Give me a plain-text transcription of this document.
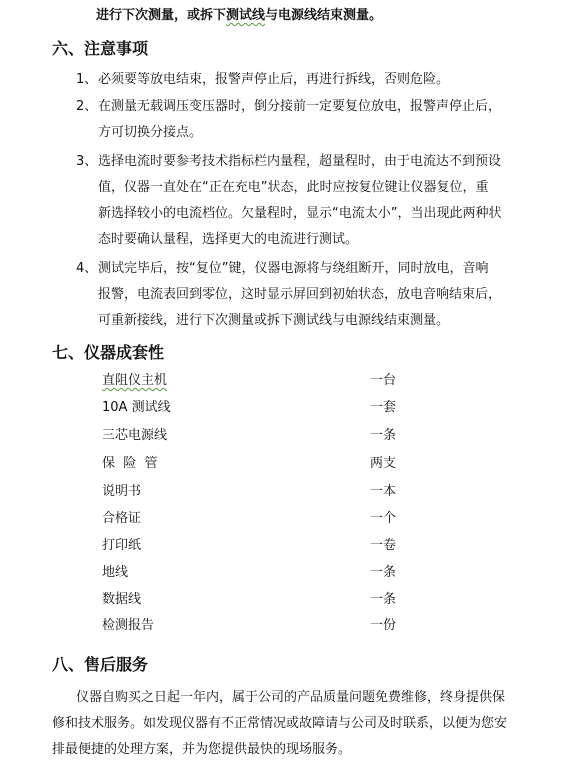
进行下次测量，或拆下测试线与电源线结束测量。
六、注意事项
1、 必须要等放电结束，报警声停止后，再进行拆线，否则危险。
2、 在测量无载调压变压器时，倒分接前一定要复位放电，报警声停止后，
方可切换分接点。
3、 选择电流时要参考技术指标栏内量程，超量程时，由于电流达不到预设
值，仪器一直处在“正在充电”状态，此时应按复位键让仪器复位，重
新选择较小的电流档位。欠量程时，显示“电流太小”，当出现此两种状
态时要确认量程，选择更大的电流进行测试。
4、 测试完毕后，按“复位”键，仪器电源将与绕组断开，同时放电，音响
报警，电流表回到零位，这时显示屏回到初始状态，放电音响结束后，
可重新接线，进行下次测量或拆下测试线与电源线结束测量。
七、仪器成套性
直阻仪主机	一台
10A 测试线	一套
三芯电源线	一条
保  险  管	两支
说明书	一本
合格证	一个
打印纸	一卷
地线	一条
数据线	一条
检测报告	一份
八、售后服务
仪器自购买之日起一年内，属于公司的产品质量问题免费维修，终身提供保
修和技术服务。如发现仪器有不正常情况或故障请与公司及时联系，以便为您安
排最便捷的处理方案，并为您提供最快的现场服务。
